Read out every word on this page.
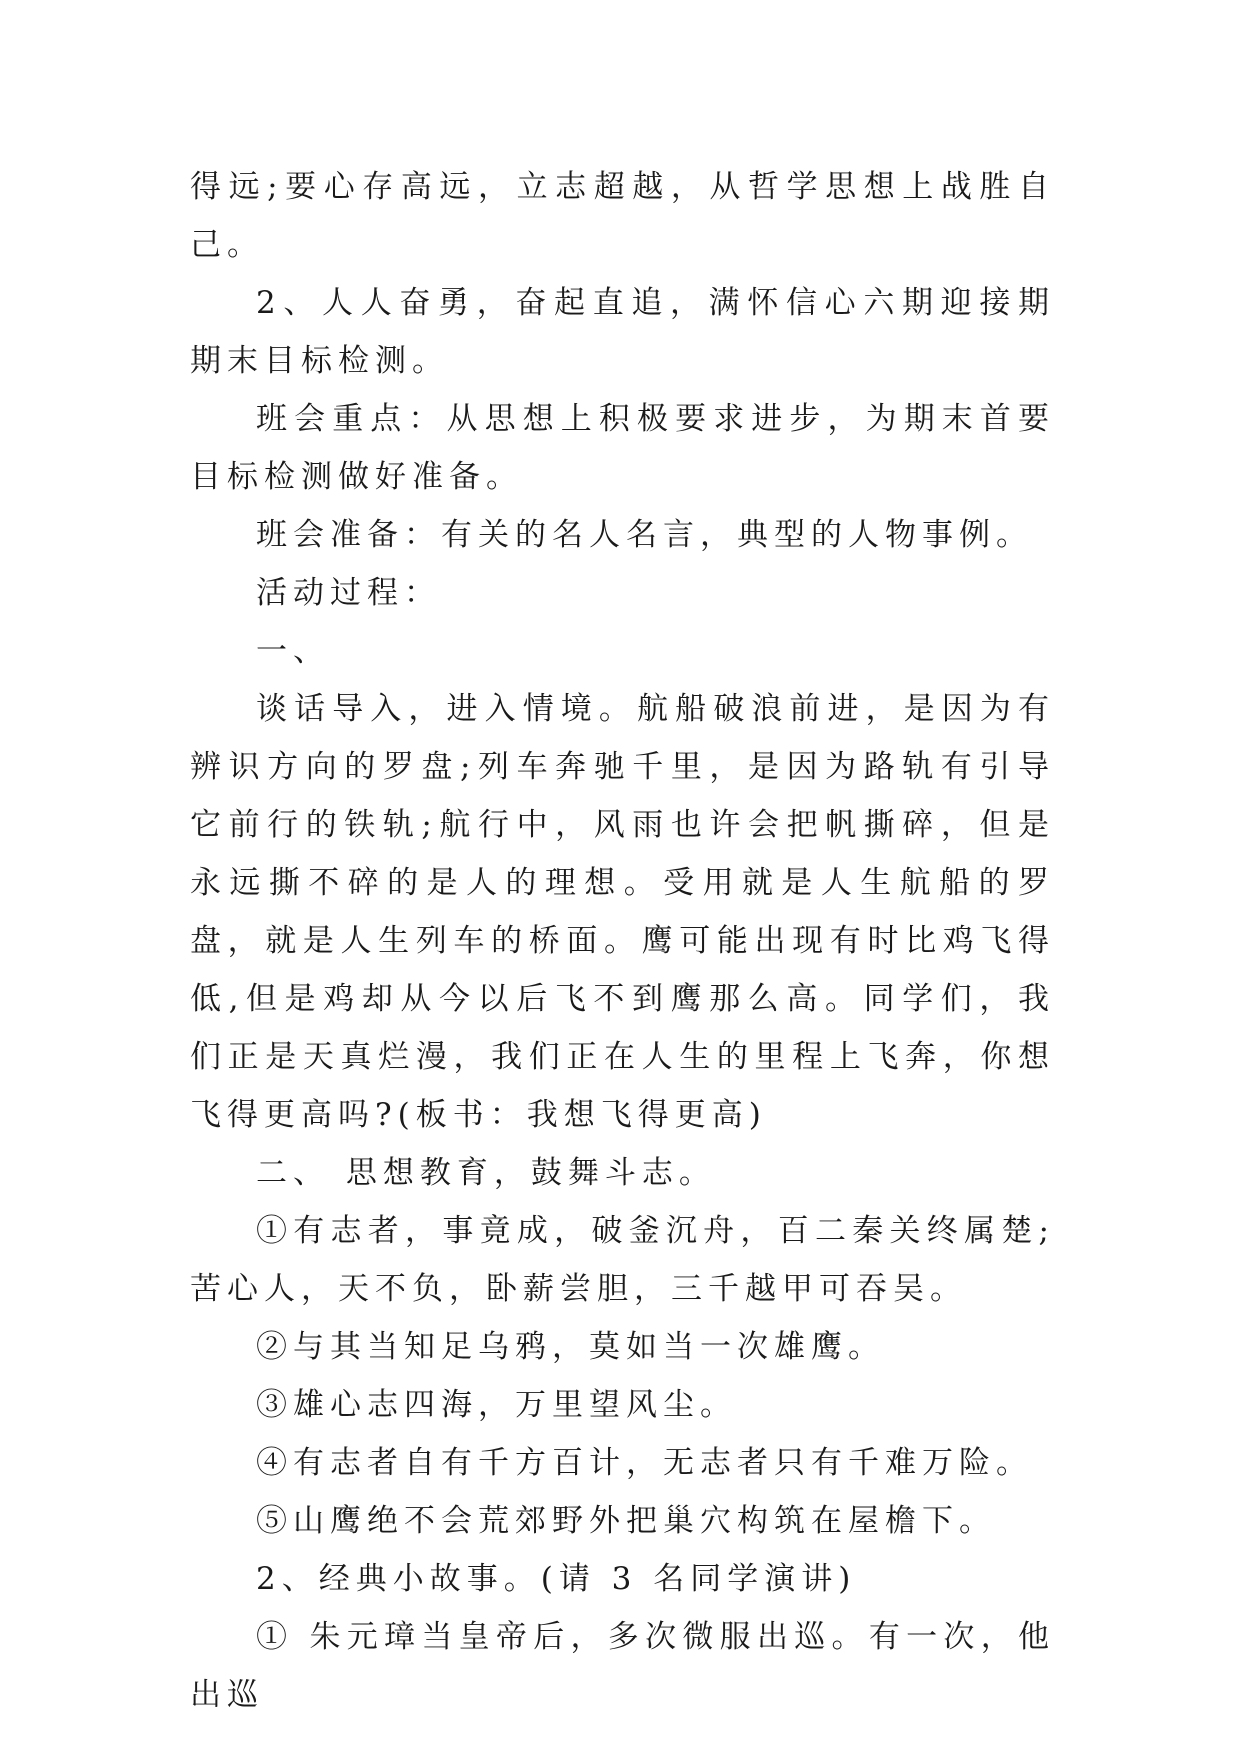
得远;要心存高远，立志超越，从哲学思想上战胜自己。

2、人人奋勇，奋起直追，满怀信心六期迎接期期末目标检测。

班会重点：从思想上积极要求进步，为期末首要目标检测做好准备。

班会准备：有关的名人名言，典型的人物事例。

活动过程：

一、

谈话导入，进入情境。航船破浪前进，是因为有辨识方向的罗盘;列车奔驰千里，是因为路轨有引导它前行的铁轨;航行中，风雨也许会把帆撕碎，但是永远撕不碎的是人的理想。受用就是人生航船的罗盘，就是人生列车的桥面。鹰可能出现有时比鸡飞得低,但是鸡却从今以后飞不到鹰那么高。同学们，我们正是天真烂漫，我们正在人生的里程上飞奔，你想飞得更高吗?(板书：我想飞得更高)

二、 思想教育，鼓舞斗志。

①有志者，事竟成，破釜沉舟，百二秦关终属楚;苦心人，天不负，卧薪尝胆，三千越甲可吞吴。

②与其当知足乌鸦，莫如当一次雄鹰。

③雄心志四海，万里望风尘。

④有志者自有千方百计，无志者只有千难万险。

⑤山鹰绝不会荒郊野外把巢穴构筑在屋檐下。

2、经典小故事。(请 3 名同学演讲)

① 朱元璋当皇帝后，多次微服出巡。有一次，他出巡
